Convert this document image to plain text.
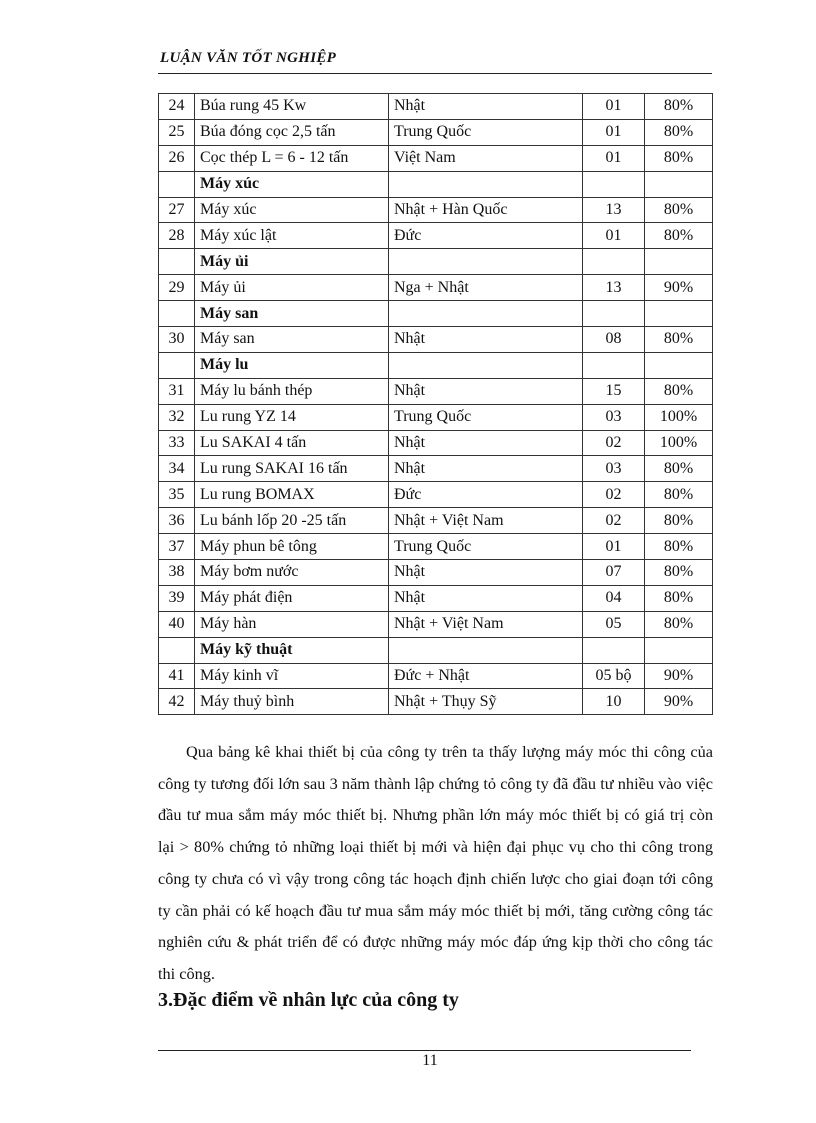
LUẬN VĂN TỐT NGHIỆP
24	Búa rung 45 Kw	Nhật	01	80%
25	Búa đóng cọc 2,5 tấn	Trung Quốc	01	80%
26	Cọc thép L = 6 - 12 tấn	Việt Nam	01	80%
	Máy xúc			
27	Máy xúc	Nhật + Hàn Quốc	13	80%
28	Máy xúc lật	Đức	01	80%
	Máy ủi			
29	Máy ủi	Nga + Nhật	13	90%
	Máy san			
30	Máy san	Nhật	08	80%
	Máy lu			
31	Máy lu bánh thép	Nhật	15	80%
32	Lu rung YZ 14	Trung Quốc	03	100%
33	Lu SAKAI 4 tấn	Nhật	02	100%
34	Lu rung SAKAI 16 tấn	Nhật	03	80%
35	Lu rung BOMAX	Đức	02	80%
36	Lu bánh lốp 20 -25 tấn	Nhật + Việt Nam	02	80%
37	Máy phun bê tông	Trung Quốc	01	80%
38	Máy bơm nước	Nhật	07	80%
39	Máy phát điện	Nhật	04	80%
40	Máy hàn	Nhật + Việt Nam	05	80%
	Máy kỹ thuật			
41	Máy kinh vĩ	Đức + Nhật	05 bộ	90%
42	Máy thuỷ bình	Nhật + Thụy Sỹ	10	90%

Qua bảng kê khai thiết bị của công ty trên ta thấy lượng máy móc thi công của công ty tương đối lớn sau 3 năm thành lập chứng tỏ công ty đã đầu tư nhiều vào việc đầu tư mua sắm máy móc thiết bị. Nhưng phần lớn máy móc thiết bị có giá trị còn lại > 80% chứng tỏ những loại thiết bị mới và hiện đại phục vụ cho thi công trong công ty chưa có vì vậy trong công tác hoạch định chiến lược cho giai đoạn tới công ty cần phải có kế hoạch đầu tư mua sắm máy móc thiết bị mới, tăng cường công tác nghiên cứu & phát triển để có được những máy móc đáp ứng kịp thời cho công tác thi công.

3.Đặc điểm về nhân lực của công ty
11
